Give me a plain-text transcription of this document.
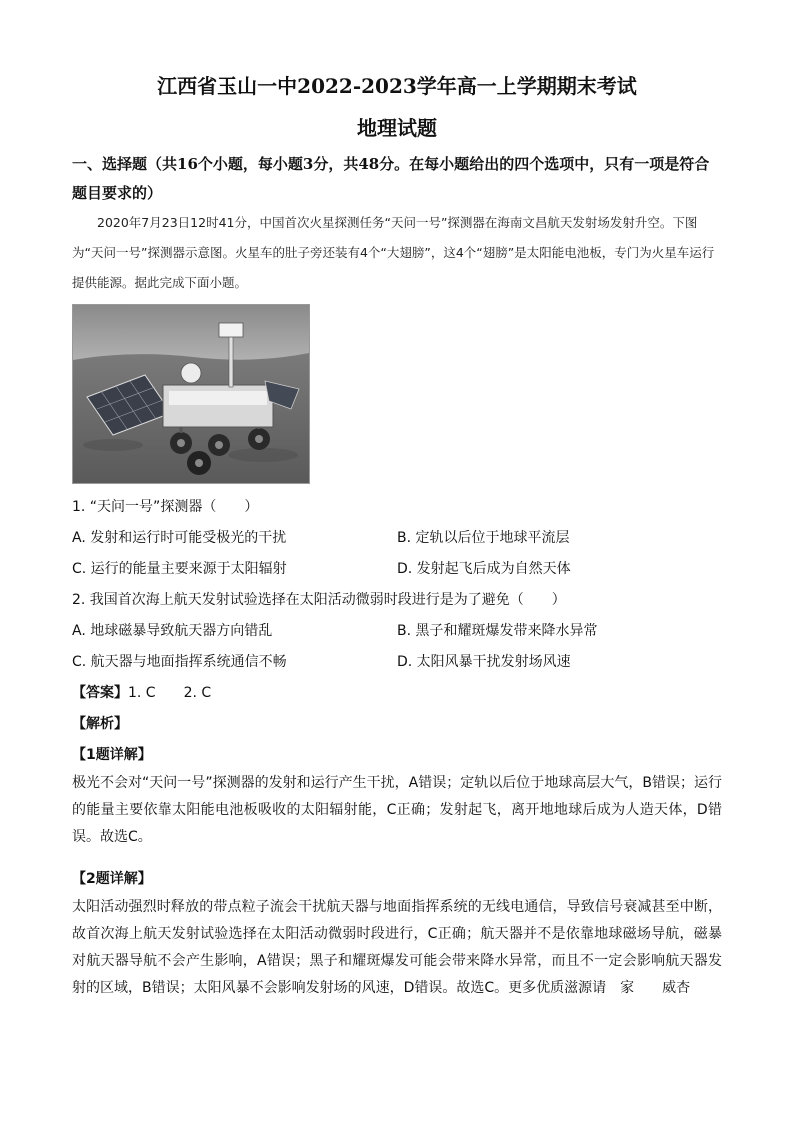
江西省玉山一中2022-2023学年高一上学期期末考试
地理试题
一、选择题（共16个小题，每小题3分，共48分。在每小题给出的四个选项中，只有一项是符合题目要求的）
2020年7月23日12时41分，中国首次火星探测任务“天问一号”探测器在海南文昌航天发射场发射升空。下图为“天问一号”探测器示意图。火星车的肚子旁还装有4个“大翅膀”，这4个“翅膀”是太阳能电池板，专门为火星车运行提供能源。据此完成下面小题。
1. “天问一号”探测器（　　）
A. 发射和运行时可能受极光的干扰	B. 定轨以后位于地球平流层
C. 运行的能量主要来源于太阳辐射	D. 发射起飞后成为自然天体
2. 我国首次海上航天发射试验选择在太阳活动微弱时段进行是为了避免（　　）
A. 地球磁暴导致航天器方向错乱	B. 黑子和耀斑爆发带来降水异常
C. 航天器与地面指挥系统通信不畅	D. 太阳风暴干扰发射场风速
【答案】1. C　　2. C
【解析】
【1题详解】
极光不会对“天问一号”探测器的发射和运行产生干扰，A错误；定轨以后位于地球高层大气，B错误；运行的能量主要依靠太阳能电池板吸收的太阳辐射能，C正确；发射起飞，离开地地球后成为人造天体，D错误。故选C。
【2题详解】
太阳活动强烈时释放的带点粒子流会干扰航天器与地面指挥系统的无线电通信，导致信号衰减甚至中断，故首次海上航天发射试验选择在太阳活动微弱时段进行，C正确；航天器并不是依靠地球磁场导航，磁暴对航天器导航不会产生影响，A错误；黑子和耀斑爆发可能会带来降水异常，而且不一定会影响航天器发射的区域，B错误；太阳风暴不会影响发射场的风速，D错误。故选C。更多优质滋源请　家　　威杏
